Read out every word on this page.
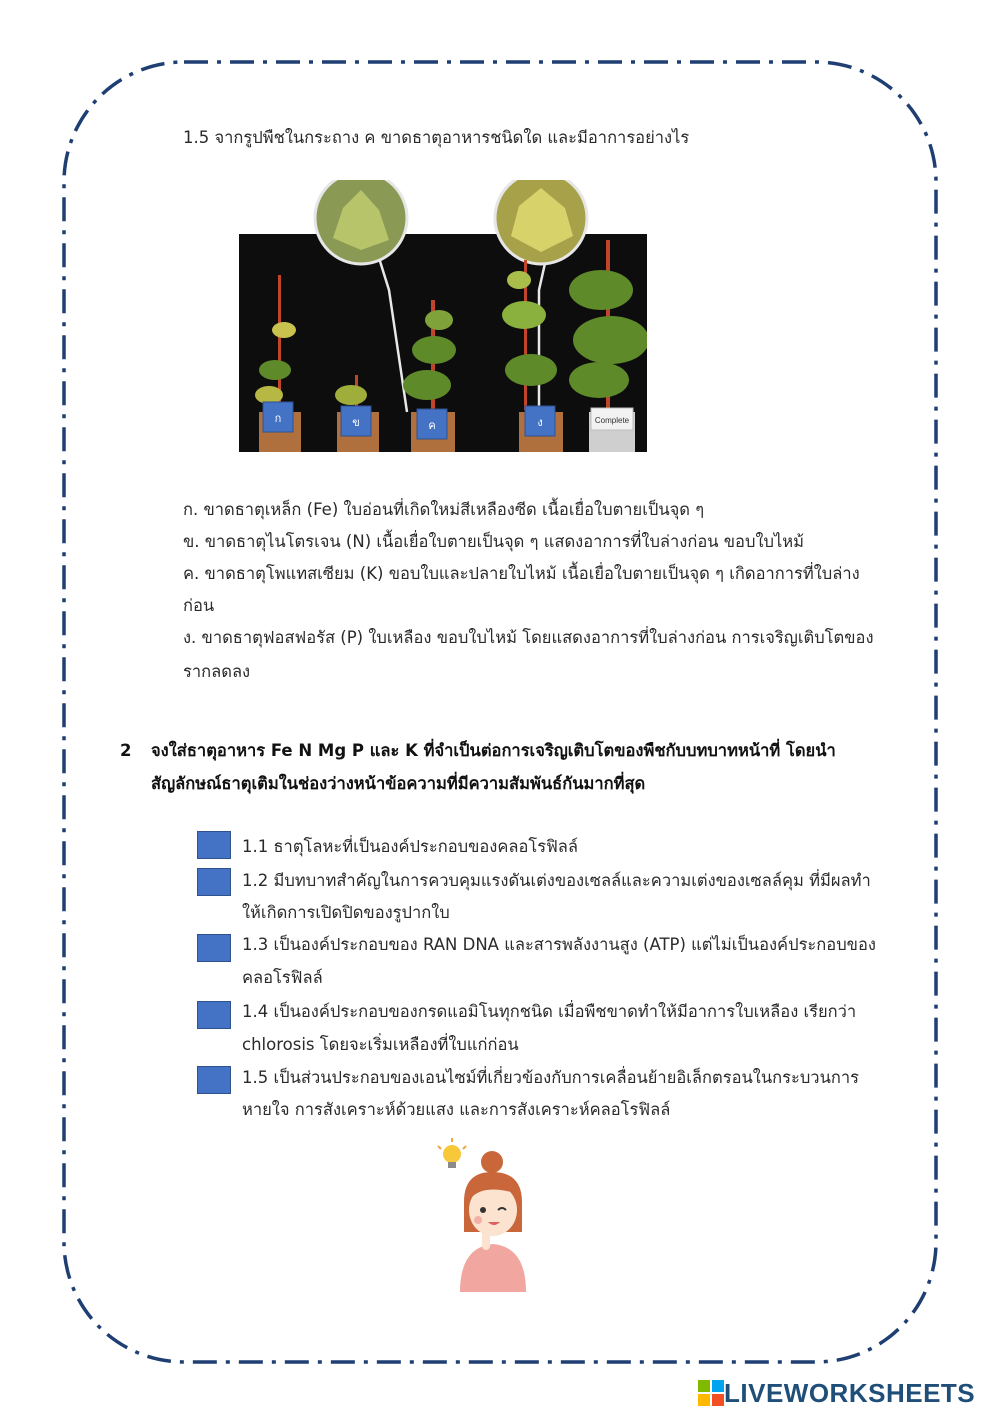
1.5 จากรูปพืชในกระถาง ค ขาดธาตุอาหารชนิดใด และมีอาการอย่างไร
ก	ข	ค	ง	Complete
ก. ขาดธาตุเหล็ก (Fe) ใบอ่อนที่เกิดใหม่สีเหลืองซีด เนื้อเยื่อใบตายเป็นจุด ๆ
ข. ขาดธาตุไนโตรเจน (N) เนื้อเยื่อใบตายเป็นจุด ๆ แสดงอาการที่ใบล่างก่อน ขอบใบไหม้
ค. ขาดธาตุโพแทสเซียม (K) ขอบใบและปลายใบไหม้ เนื้อเยื่อใบตายเป็นจุด ๆ เกิดอาการที่ใบล่าง
ก่อน
ง. ขาดธาตุฟอสฟอรัส (P) ใบเหลือง ขอบใบไหม้ โดยแสดงอาการที่ใบล่างก่อน การเจริญเติบโตของ
รากลดลง
2 จงใส่ธาตุอาหาร Fe N Mg P และ K ที่จำเป็นต่อการเจริญเติบโตของพืชกับบทบาทหน้าที่ โดยนำ
สัญลักษณ์ธาตุเติมในช่องว่างหน้าข้อความที่มีความสัมพันธ์กันมากที่สุด
1.1 ธาตุโลหะที่เป็นองค์ประกอบของคลอโรฟิลล์
1.2 มีบทบาทสำคัญในการควบคุมแรงดันเต่งของเซลล์และความเต่งของเซลล์คุม ที่มีผลทำ
ให้เกิดการเปิดปิดของรูปากใบ
1.3 เป็นองค์ประกอบของ RAN DNA และสารพลังงานสูง (ATP) แต่ไม่เป็นองค์ประกอบของ
คลอโรฟิลล์
1.4 เป็นองค์ประกอบของกรดแอมิโนทุกชนิด เมื่อพืชขาดทำให้มีอาการใบเหลือง เรียกว่า
chlorosis โดยจะเริ่มเหลืองที่ใบแก่ก่อน
1.5 เป็นส่วนประกอบของเอนไซม์ที่เกี่ยวข้องกับการเคลื่อนย้ายอิเล็กตรอนในกระบวนการ
หายใจ การสังเคราะห์ด้วยแสง และการสังเคราะห์คลอโรฟิลล์
LIVEWORKSHEETS
